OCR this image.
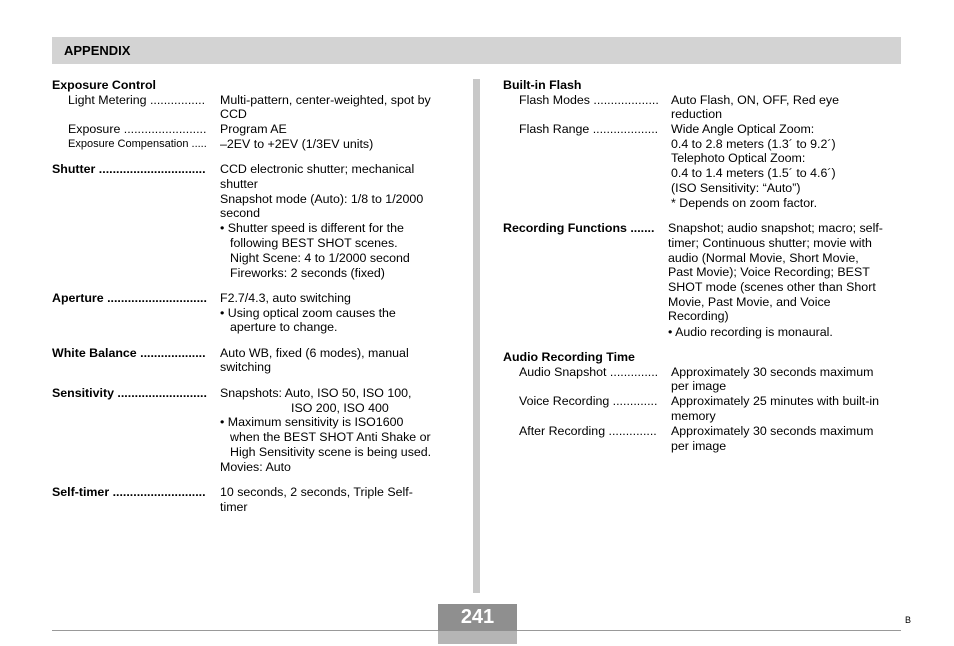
APPENDIX
Exposure Control
Light Metering ................ Multi-pattern, center-weighted, spot by
CCD
Exposure ........................ Program AE
Exposure Compensation ..... –2EV to +2EV (1/3EV units)
Shutter ............................... CCD electronic shutter; mechanical
shutter
Snapshot mode (Auto): 1/8 to 1/2000
second
• Shutter speed is different for the
following BEST SHOT scenes.
Night Scene: 4 to 1/2000 second
Fireworks: 2 seconds (fixed)
Aperture ............................. F2.7/4.3, auto switching
• Using optical zoom causes the
aperture to change.
White Balance ................... Auto WB, fixed (6 modes), manual
switching
Sensitivity .......................... Snapshots: Auto, ISO 50, ISO 100,
ISO 200, ISO 400
• Maximum sensitivity is ISO1600
when the BEST SHOT Anti Shake or
High Sensitivity scene is being used.
Movies: Auto
Self-timer ........................... 10 seconds, 2 seconds, Triple Self-
timer
Built-in Flash
Flash Modes ................... Auto Flash, ON, OFF, Red eye
reduction
Flash Range ................... Wide Angle Optical Zoom:
0.4 to 2.8 meters (1.3´ to 9.2´)
Telephoto Optical Zoom:
0.4 to 1.4 meters (1.5´ to 4.6´)
(ISO Sensitivity: “Auto”)
* Depends on zoom factor.
Recording Functions ....... Snapshot; audio snapshot; macro; self-
timer; Continuous shutter; movie with
audio (Normal Movie, Short Movie,
Past Movie); Voice Recording; BEST
SHOT mode (scenes other than Short
Movie, Past Movie, and Voice
Recording)
• Audio recording is monaural.
Audio Recording Time
Audio Snapshot .............. Approximately 30 seconds maximum
per image
Voice Recording ............. Approximately 25 minutes with built-in
memory
After Recording .............. Approximately 30 seconds maximum
per image
241	B
